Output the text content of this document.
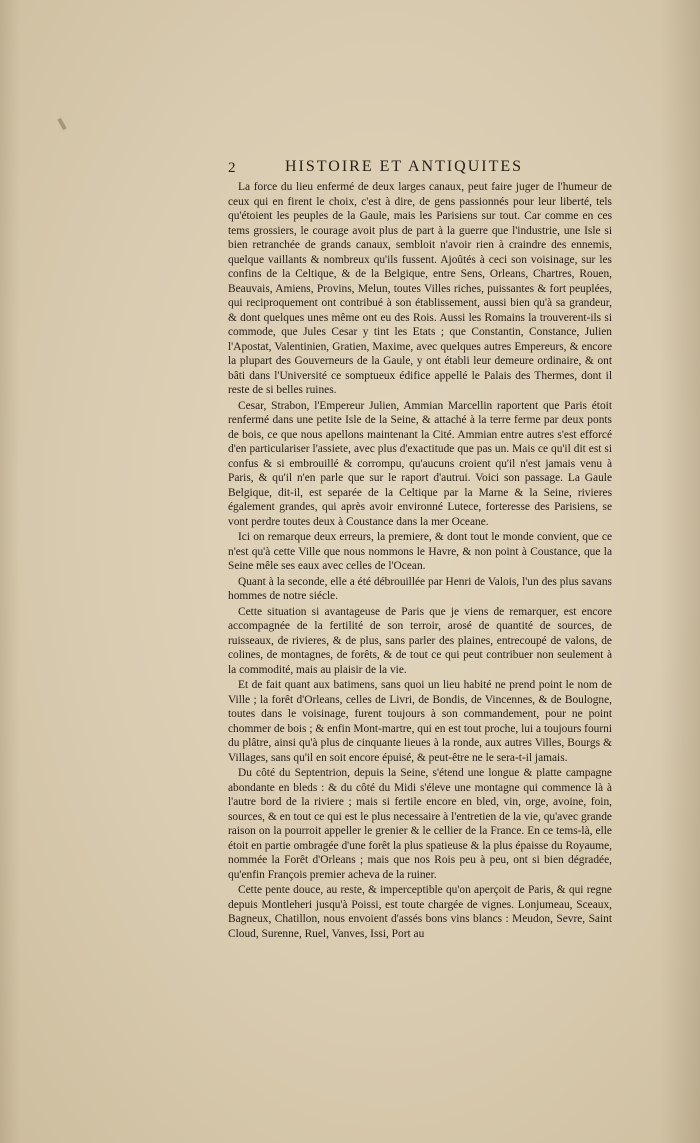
2	HISTOIRE ET ANTIQUITES

La force du lieu enfermé de deux larges canaux, peut faire juger de l'humeur de ceux qui en firent le choix, c'est à dire, de gens passionnés pour leur liberté, tels qu'étoient les peuples de la Gaule, mais les Parisiens sur tout. Car comme en ces tems grossiers, le courage avoit plus de part à la guerre que l'industrie, une Isle si bien retranchée de grands canaux, sembloit n'avoir rien à craindre des ennemis, quelque vaillants & nombreux qu'ils fussent. Ajoûtés à ceci son voisinage, sur les confins de la Celtique, & de la Belgique, entre Sens, Orleans, Chartres, Rouen, Beauvais, Amiens, Provins, Melun, toutes Villes riches, puissantes & fort peuplées, qui reciproquement ont contribué à son établissement, aussi bien qu'à sa grandeur, & dont quelques unes même ont eu des Rois. Aussi les Romains la trouverent-ils si commode, que Jules Cesar y tint les Etats ; que Constantin, Constance, Julien l'Apostat, Valentinien, Gratien, Maxime, avec quelques autres Empereurs, & encore la plupart des Gouverneurs de la Gaule, y ont établi leur demeure ordinaire, & ont bâti dans l'Université ce somptueux édifice appellé le Palais des Thermes, dont il reste de si belles ruines.

Cesar, Strabon, l'Empereur Julien, Ammian Marcellin raportent que Paris étoit renfermé dans une petite Isle de la Seine, & attaché à la terre ferme par deux ponts de bois, ce que nous apellons maintenant la Cité. Ammian entre autres s'est efforcé d'en particulariser l'assiete, avec plus d'exactitude que pas un. Mais ce qu'il dit est si confus & si embrouillé & corrompu, qu'aucuns croient qu'il n'est jamais venu à Paris, & qu'il n'en parle que sur le raport d'autrui. Voici son passage. La Gaule Belgique, dit-il, est separée de la Celtique par la Marne & la Seine, rivieres également grandes, qui après avoir environné Lutece, forteresse des Parisiens, se vont perdre toutes deux à Coustance dans la mer Oceane.

Ici on remarque deux erreurs, la premiere, & dont tout le monde convient, que ce n'est qu'à cette Ville que nous nommons le Havre, & non point à Coustance, que la Seine mêle ses eaux avec celles de l'Ocean.

Quant à la seconde, elle a été débrouillée par Henri de Valois, l'un des plus savans hommes de notre siécle.

Cette situation si avantageuse de Paris que je viens de remarquer, est encore accompagnée de la fertilité de son terroir, arosé de quantité de sources, de ruisseaux, de rivieres, & de plus, sans parler des plaines, entrecoupé de valons, de colines, de montagnes, de forêts, & de tout ce qui peut contribuer non seulement à la commodité, mais au plaisir de la vie.

Et de fait quant aux batimens, sans quoi un lieu habité ne prend point le nom de Ville ; la forêt d'Orleans, celles de Livri, de Bondis, de Vincennes, & de Boulogne, toutes dans le voisinage, furent toujours à son commandement, pour ne point chommer de bois ; & enfin Mont-martre, qui en est tout proche, lui a toujours fourni du plâtre, ainsi qu'à plus de cinquante lieues à la ronde, aux autres Villes, Bourgs & Villages, sans qu'il en soit encore épuisé, & peut-être ne le sera-t-il jamais.

Du côté du Septentrion, depuis la Seine, s'étend une longue & platte campagne abondante en bleds : & du côté du Midi s'éleve une montagne qui commence là à l'autre bord de la riviere ; mais si fertile encore en bled, vin, orge, avoine, foin, sources, & en tout ce qui est le plus necessaire à l'entretien de la vie, qu'avec grande raison on la pourroit appeller le grenier & le cellier de la France. En ce tems-là, elle étoit en partie ombragée d'une forêt la plus spatieuse & la plus épaisse du Royaume, nommée la Forêt d'Orleans ; mais que nos Rois peu à peu, ont si bien dégradée, qu'enfin François premier acheva de la ruiner.

Cette pente douce, au reste, & imperceptible qu'on aperçoit de Paris, & qui regne depuis Montleheri jusqu'à Poissi, est toute chargée de vignes. Lonjumeau, Sceaux, Bagneux, Chatillon, nous envoient d'assés bons vins blancs : Meudon, Sevre, Saint Cloud, Surenne, Ruel, Vanves, Issi, Port au
